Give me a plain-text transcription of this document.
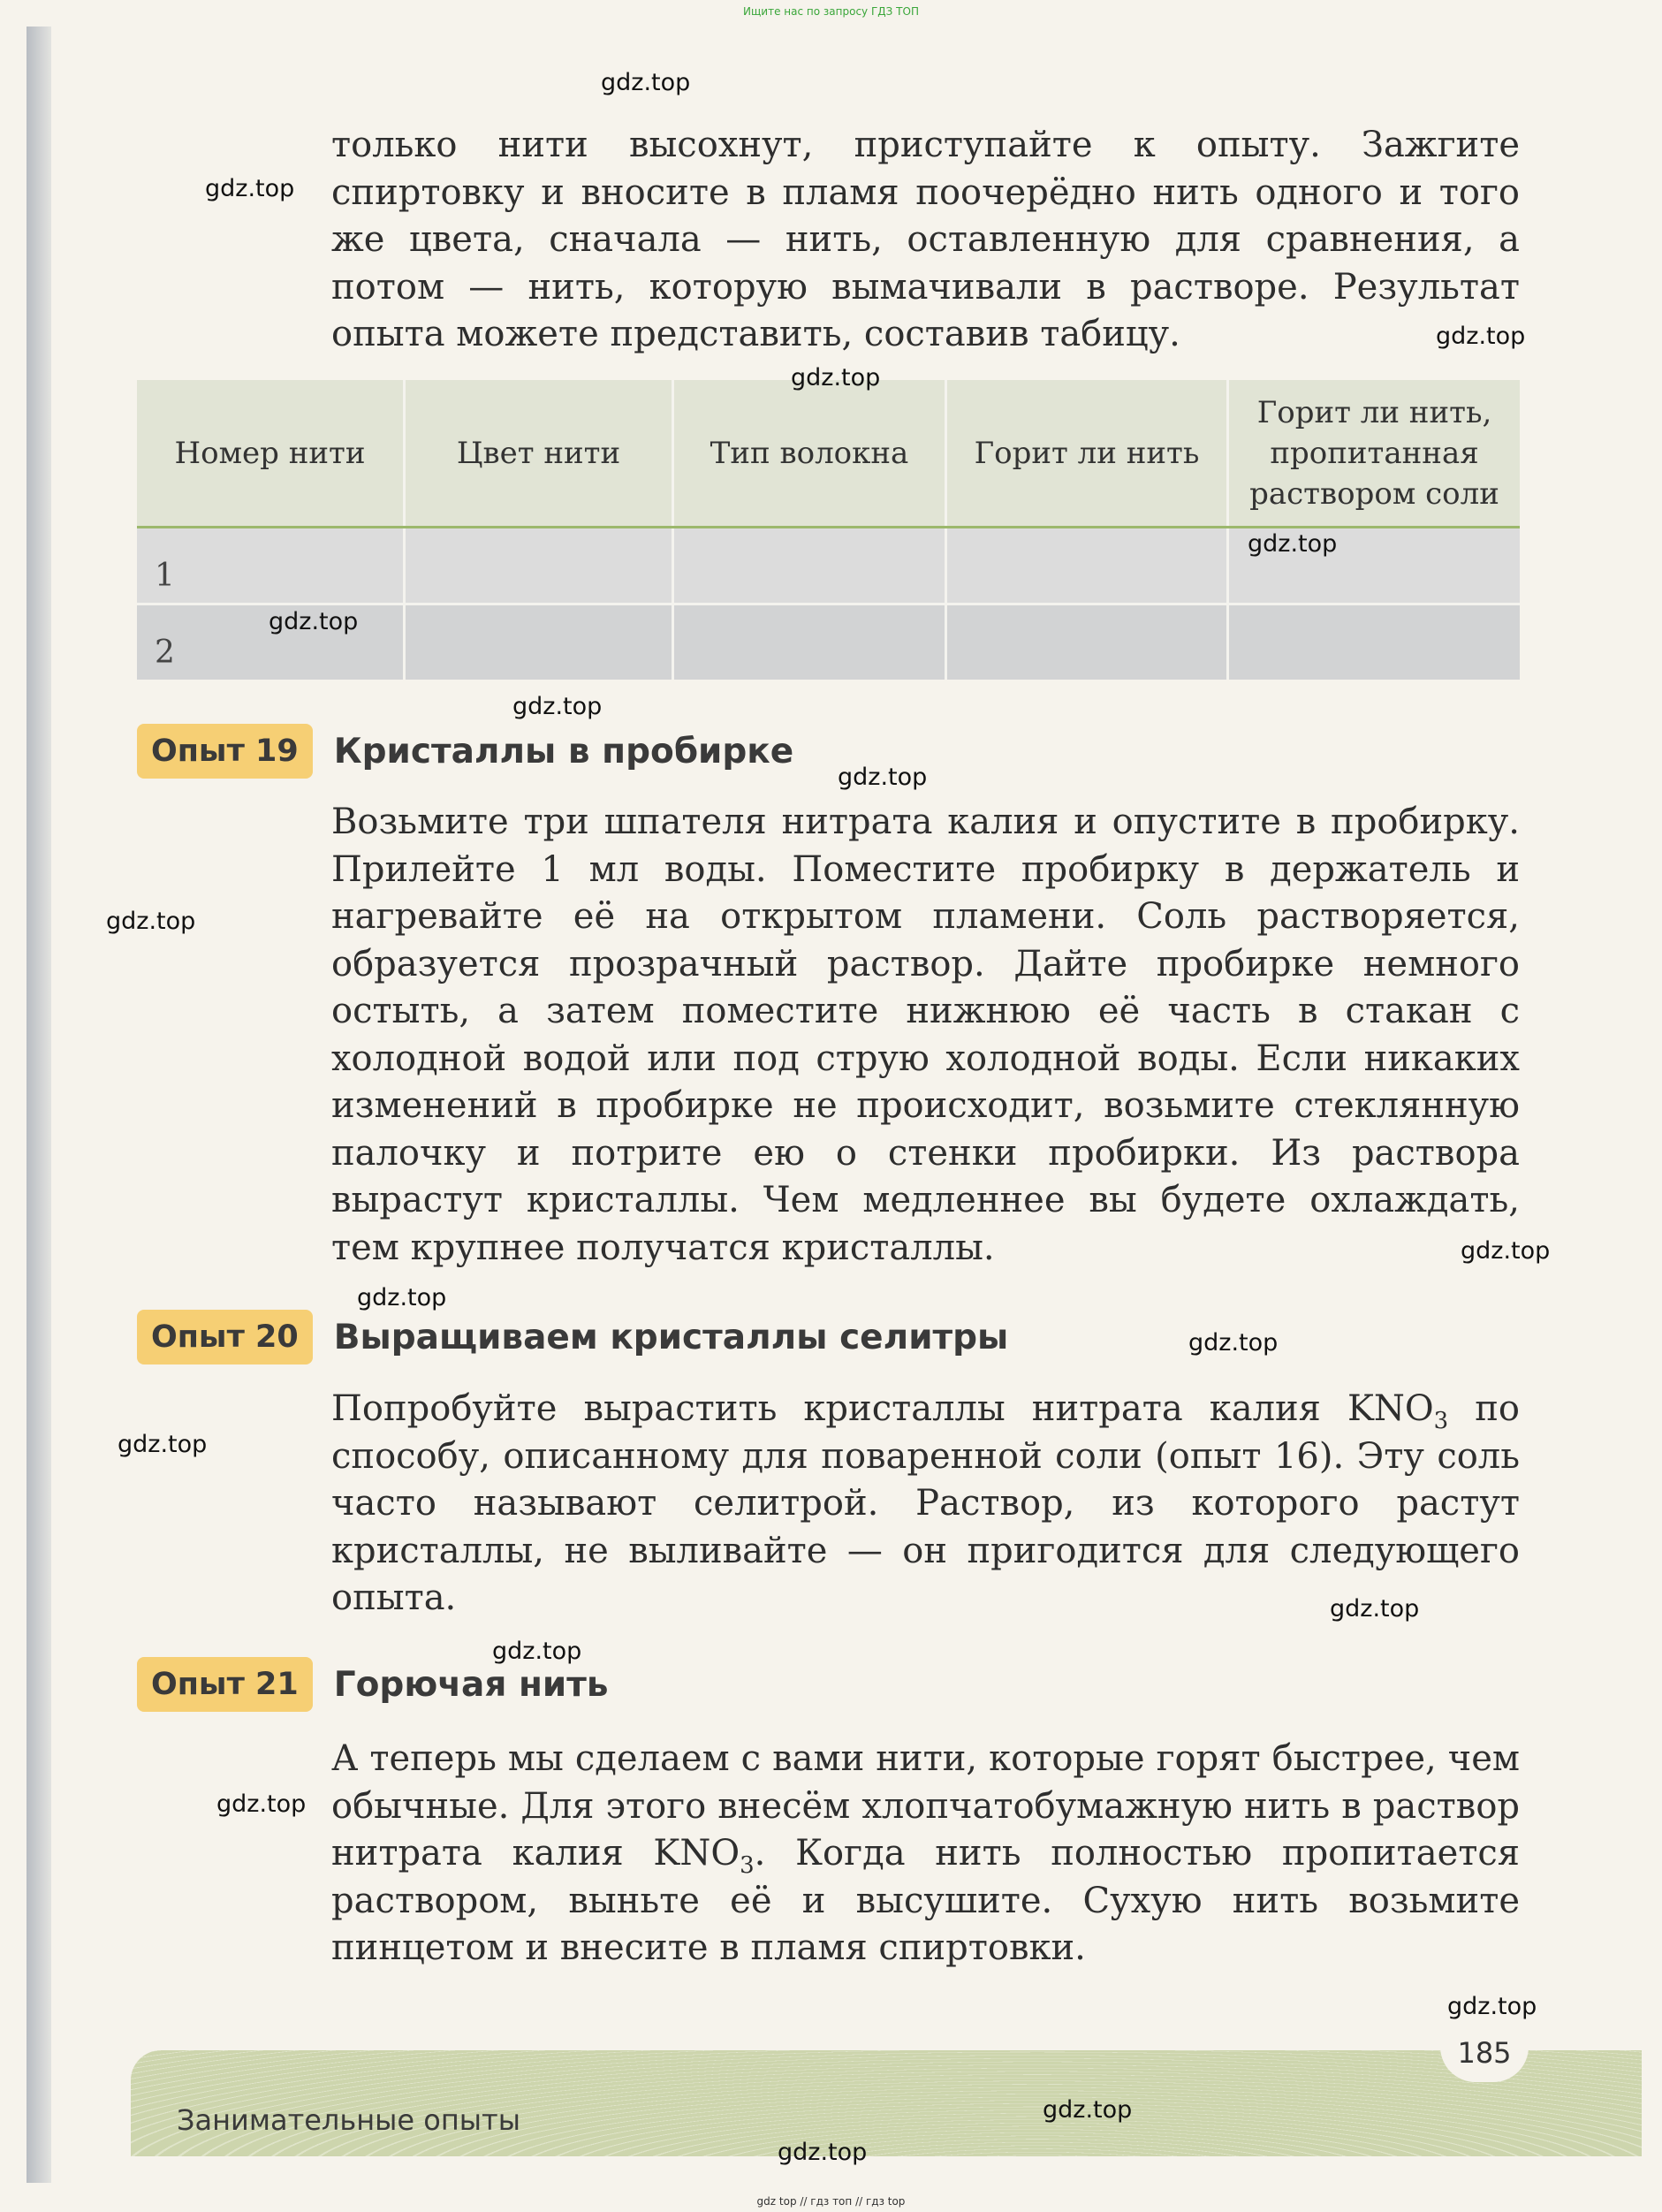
Ищите нас по запросу ГДЗ ТОП
только нити высохнут, приступайте к опыту. Зажгите спиртовку и вносите в пламя поочерёдно нить одного и того же цвета, сначала — нить, оставленную для сравнения, а потом — нить, которую вымачивали в растворе. Результат опыта можете представить, составив табицу.
Номер нити	Цвет нити	Тип волокна	Горит ли нить	Горит ли нить, пропитанная раствором соли
1				
2				
Опыт 19	Кристаллы в пробирке
Возьмите три шпателя нитрата калия и опустите в пробирку. Прилейте 1 мл воды. Поместите пробирку в держатель и нагревайте её на открытом пламени. Соль растворяется, образуется прозрачный раствор. Дайте пробирке немного остыть, а затем поместите нижнюю её часть в стакан с холодной водой или под струю холодной воды. Если никаких изменений в пробирке не происходит, возьмите стеклянную палочку и потрите ею о стенки пробирки. Из раствора вырастут кристаллы. Чем медленнее вы будете охлаждать, тем крупнее получатся кристаллы.
Опыт 20	Выращиваем кристаллы селитры
Попробуйте вырастить кристаллы нитрата калия $KNO_3$ по способу, описанному для поваренной соли (опыт 16). Эту соль часто называют селитрой. Раствор, из которого растут кристаллы, не выливайте — он пригодится для следующего опыта.
Опыт 21	Горючая нить
А теперь мы сделаем с вами нити, которые горят быстрее, чем обычные. Для этого внесём хлопчатобумажную нить в раствор нитрата калия $KNO_3$. Когда нить полностью пропитается раствором, выньте её и высушите. Сухую нить возьмите пинцетом и внесите в пламя спиртовки.
Занимательные опыты
185
gdz.top
gdz.top
gdz.top
gdz.top
gdz.top
gdz.top
gdz.top
gdz.top
gdz.top
gdz.top
gdz.top
gdz.top
gdz.top
gdz.top
gdz.top
gdz.top
gdz.top
gdz.top
gdz.top
gdz top // гдз топ // гдз top
